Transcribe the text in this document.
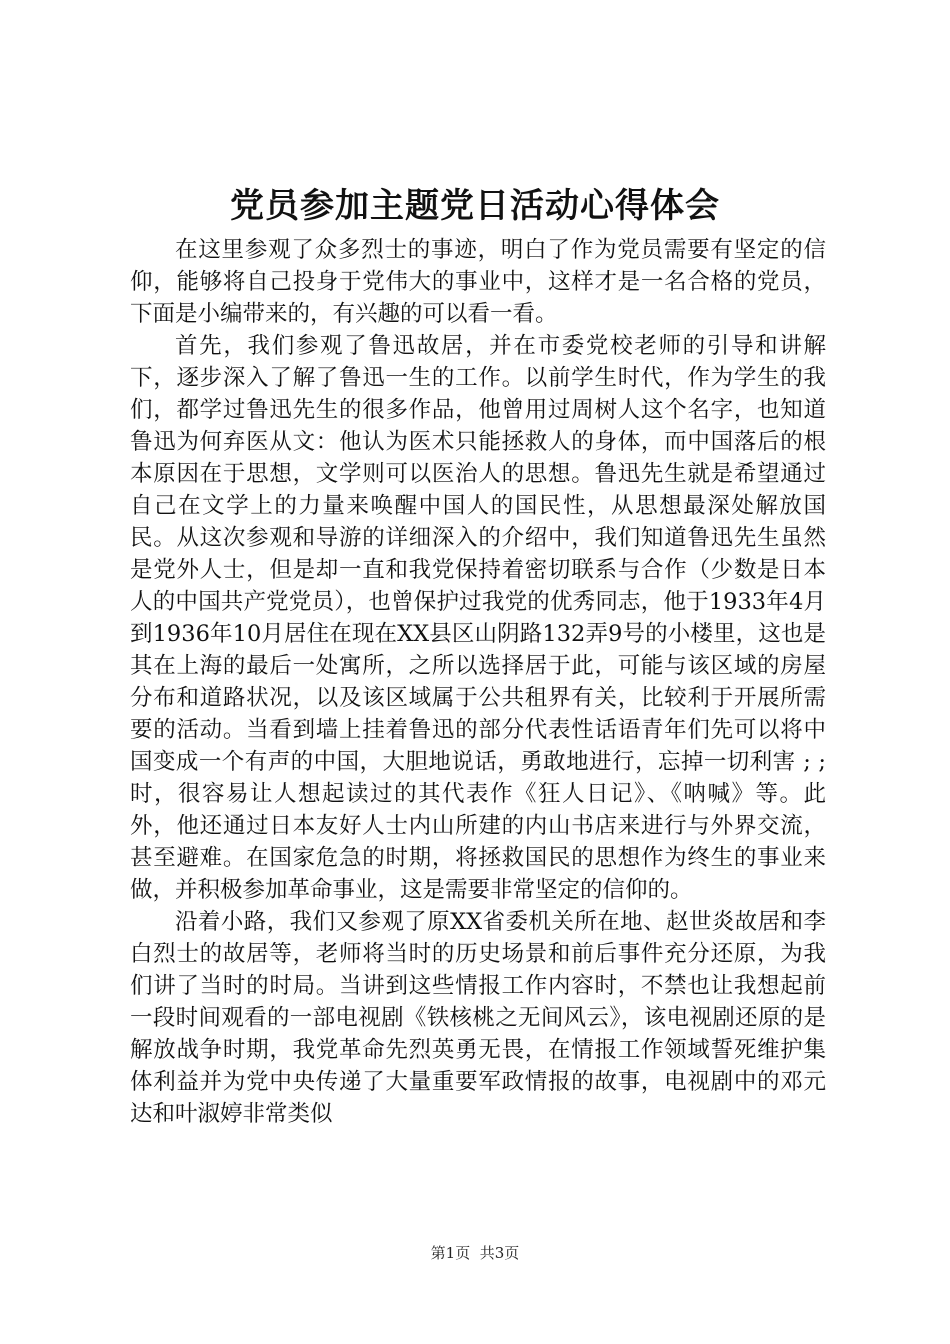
党员参加主题党日活动心得体会

在这里参观了众多烈士的事迹，明白了作为党员需要有坚定的信仰，能够将自己投身于党伟大的事业中，这样才是一名合格的党员，下面是小编带来的，有兴趣的可以看一看。

首先，我们参观了鲁迅故居，并在市委党校老师的引导和讲解下，逐步深入了解了鲁迅一生的工作。以前学生时代，作为学生的我们，都学过鲁迅先生的很多作品，他曾用过周树人这个名字，也知道鲁迅为何弃医从文：他认为医术只能拯救人的身体，而中国落后的根本原因在于思想，文学则可以医治人的思想。鲁迅先生就是希望通过自己在文学上的力量来唤醒中国人的国民性，从思想最深处解放国民。从这次参观和导游的详细深入的介绍中，我们知道鲁迅先生虽然是党外人士，但是却一直和我党保持着密切联系与合作（少数是日本人的中国共产党党员），也曾保护过我党的优秀同志，他于1933年4月到1936年10月居住在现在XX县区山阴路132弄9号的小楼里，这也是其在上海的最后一处寓所，之所以选择居于此，可能与该区域的房屋分布和道路状况，以及该区域属于公共租界有关，比较利于开展所需要的活动。当看到墙上挂着鲁迅的部分代表性话语青年们先可以将中国变成一个有声的中国，大胆地说话，勇敢地进行，忘掉一切利害 ; ;时，很容易让人想起读过的其代表作《狂人日记》、《呐喊》等。此外，他还通过日本友好人士内山所建的内山书店来进行与外界交流，甚至避难。在国家危急的时期，将拯救国民的思想作为终生的事业来做，并积极参加革命事业，这是需要非常坚定的信仰的。

沿着小路，我们又参观了原XX省委机关所在地、赵世炎故居和李白烈士的故居等，老师将当时的历史场景和前后事件充分还原，为我们讲了当时的时局。当讲到这些情报工作内容时，不禁也让我想起前一段时间观看的一部电视剧《铁核桃之无间风云》，该电视剧还原的是解放战争时期，我党革命先烈英勇无畏，在情报工作领域誓死维护集体利益并为党中央传递了大量重要军政情报的故事，电视剧中的邓元达和叶淑婷非常类似

第1页 共3页
